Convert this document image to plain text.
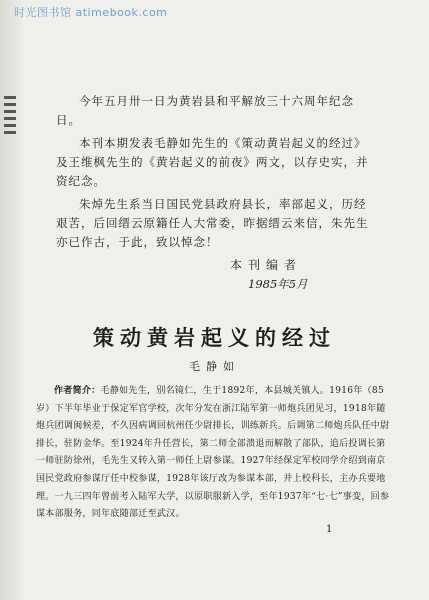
时光图书馆 atimebook.com

今年五月卅一日为黄岩县和平解放三十六周年纪念日。

本刊本期发表毛静如先生的《策动黄岩起义的经过》及王维枫先生的《黄岩起义的前夜》两文，以存史实，并资纪念。

朱焯先生系当日国民党县政府县长，率部起义，历经艰苦，后回缙云原籍任人大常委，昨据缙云来信，朱先生亦已作古，于此，致以悼念！

本刊编者
1985年5月
策动黄岩起义的经过
毛静如

作者简介：毛静如先生，别名镜仁，生于1892年，本县城关镇人。1916年（85岁）下半年毕业于保定军官学校，次年分发在浙江陆军第一师炮兵团见习，1918年随炮兵团调闽候差，不久因病调回杭州任少尉排长，训练新兵。后调第二师炮兵队任中尉排长，驻防金华。至1924年升任营长，第二师全部溃退而解散了部队，追后投调长第一师驻防徐州，毛先生又转入第一师任上尉参谋。1927年经保定军校同学介绍到南京国民党政府参谋厅任中校参谋，1928年该厅改为参谋本部，并上校科长，主办兵要地理。一九三四年曾前考入陆军大学，以原职服新入学，至年1937年“七·七”事变，回参谋本部服务，同年底随部迁至武汉。

1
